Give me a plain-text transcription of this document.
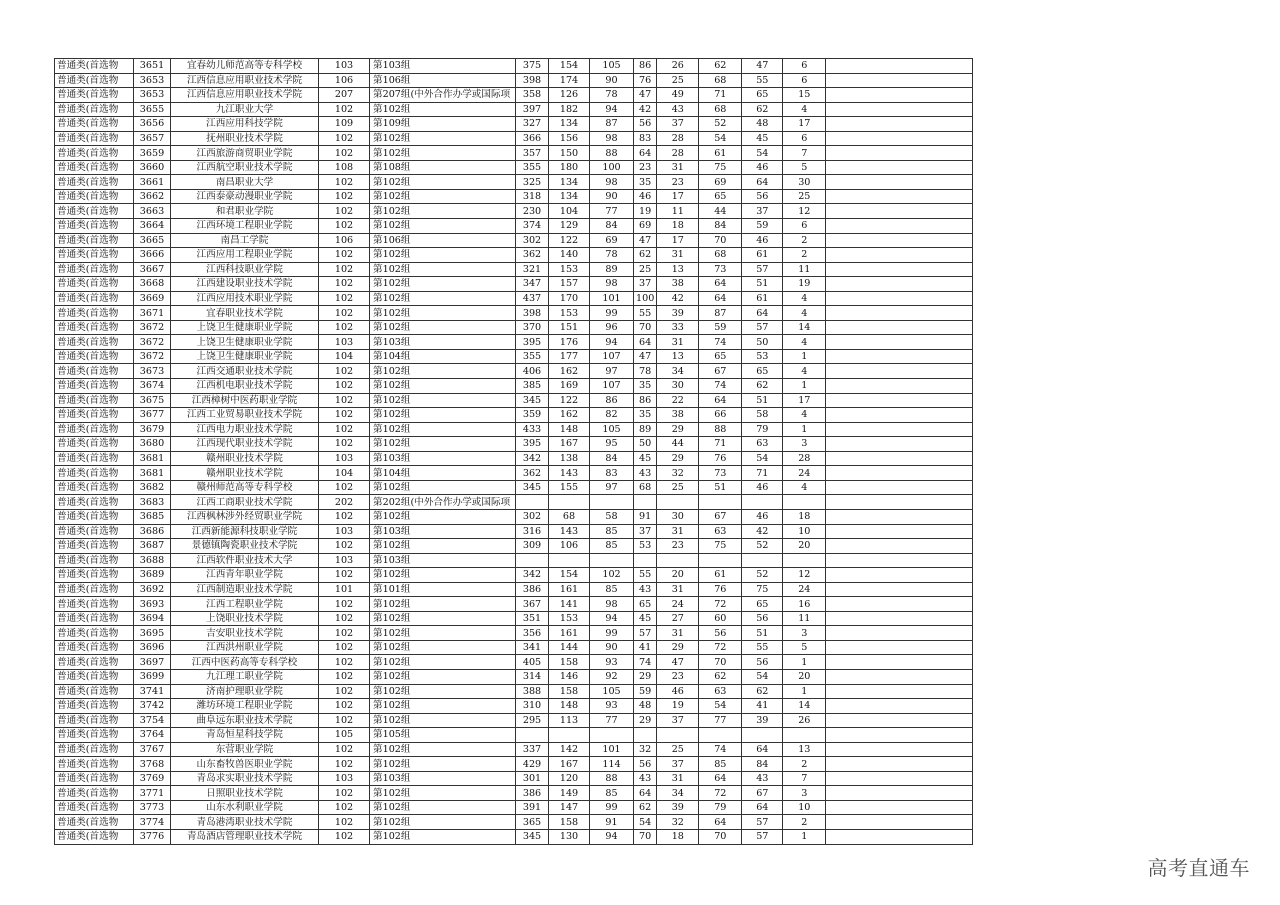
普通类(首选物	3651	宜春幼儿师范高等专科学校	103	第103组	375	154	105	86	26	62	47	6	
普通类(首选物	3653	江西信息应用职业技术学院	106	第106组	398	174	90	76	25	68	55	6	
普通类(首选物	3653	江西信息应用职业技术学院	207	第207组(中外合作办学或国际项	358	126	78	47	49	71	65	15	
普通类(首选物	3655	九江职业大学	102	第102组	397	182	94	42	43	68	62	4	
普通类(首选物	3656	江西应用科技学院	109	第109组	327	134	87	56	37	52	48	17	
普通类(首选物	3657	抚州职业技术学院	102	第102组	366	156	98	83	28	54	45	6	
普通类(首选物	3659	江西旅游商贸职业学院	102	第102组	357	150	88	64	28	61	54	7	
普通类(首选物	3660	江西航空职业技术学院	108	第108组	355	180	100	23	31	75	46	5	
普通类(首选物	3661	南昌职业大学	102	第102组	325	134	98	35	23	69	64	30	
普通类(首选物	3662	江西泰豪动漫职业学院	102	第102组	318	134	90	46	17	65	56	25	
普通类(首选物	3663	和君职业学院	102	第102组	230	104	77	19	11	44	37	12	
普通类(首选物	3664	江西环境工程职业学院	102	第102组	374	129	84	69	18	84	59	6	
普通类(首选物	3665	南昌工学院	106	第106组	302	122	69	47	17	70	46	2	
普通类(首选物	3666	江西应用工程职业学院	102	第102组	362	140	78	62	31	68	61	2	
普通类(首选物	3667	江西科技职业学院	102	第102组	321	153	89	25	13	73	57	11	
普通类(首选物	3668	江西建设职业技术学院	102	第102组	347	157	98	37	38	64	51	19	
普通类(首选物	3669	江西应用技术职业学院	102	第102组	437	170	101	100	42	64	61	4	
普通类(首选物	3671	宜春职业技术学院	102	第102组	398	153	99	55	39	87	64	4	
普通类(首选物	3672	上饶卫生健康职业学院	102	第102组	370	151	96	70	33	59	57	14	
普通类(首选物	3672	上饶卫生健康职业学院	103	第103组	395	176	94	64	31	74	50	4	
普通类(首选物	3672	上饶卫生健康职业学院	104	第104组	355	177	107	47	13	65	53	1	
普通类(首选物	3673	江西交通职业技术学院	102	第102组	406	162	97	78	34	67	65	4	
普通类(首选物	3674	江西机电职业技术学院	102	第102组	385	169	107	35	30	74	62	1	
普通类(首选物	3675	江西樟树中医药职业学院	102	第102组	345	122	86	86	22	64	51	17	
普通类(首选物	3677	江西工业贸易职业技术学院	102	第102组	359	162	82	35	38	66	58	4	
普通类(首选物	3679	江西电力职业技术学院	102	第102组	433	148	105	89	29	88	79	1	
普通类(首选物	3680	江西现代职业技术学院	102	第102组	395	167	95	50	44	71	63	3	
普通类(首选物	3681	赣州职业技术学院	103	第103组	342	138	84	45	29	76	54	28	
普通类(首选物	3681	赣州职业技术学院	104	第104组	362	143	83	43	32	73	71	24	
普通类(首选物	3682	赣州师范高等专科学校	102	第102组	345	155	97	68	25	51	46	4	
普通类(首选物	3683	江西工商职业技术学院	202	第202组(中外合作办学或国际项									
普通类(首选物	3685	江西枫林涉外经贸职业学院	102	第102组	302	68	58	91	30	67	46	18	
普通类(首选物	3686	江西新能源科技职业学院	103	第103组	316	143	85	37	31	63	42	10	
普通类(首选物	3687	景德镇陶瓷职业技术学院	102	第102组	309	106	85	53	23	75	52	20	
普通类(首选物	3688	江西软件职业技术大学	103	第103组									
普通类(首选物	3689	江西青年职业学院	102	第102组	342	154	102	55	20	61	52	12	
普通类(首选物	3692	江西制造职业技术学院	101	第101组	386	161	85	43	31	76	75	24	
普通类(首选物	3693	江西工程职业学院	102	第102组	367	141	98	65	24	72	65	16	
普通类(首选物	3694	上饶职业技术学院	102	第102组	351	153	94	45	27	60	56	11	
普通类(首选物	3695	吉安职业技术学院	102	第102组	356	161	99	57	31	56	51	3	
普通类(首选物	3696	江西洪州职业学院	102	第102组	341	144	90	41	29	72	55	5	
普通类(首选物	3697	江西中医药高等专科学校	102	第102组	405	158	93	74	47	70	56	1	
普通类(首选物	3699	九江理工职业学院	102	第102组	314	146	92	29	23	62	54	20	
普通类(首选物	3741	济南护理职业学院	102	第102组	388	158	105	59	46	63	62	1	
普通类(首选物	3742	潍坊环境工程职业学院	102	第102组	310	148	93	48	19	54	41	14	
普通类(首选物	3754	曲阜远东职业技术学院	102	第102组	295	113	77	29	37	77	39	26	
普通类(首选物	3764	青岛恒星科技学院	105	第105组									
普通类(首选物	3767	东营职业学院	102	第102组	337	142	101	32	25	74	64	13	
普通类(首选物	3768	山东畜牧兽医职业学院	102	第102组	429	167	114	56	37	85	84	2	
普通类(首选物	3769	青岛求实职业技术学院	103	第103组	301	120	88	43	31	64	43	7	
普通类(首选物	3771	日照职业技术学院	102	第102组	386	149	85	64	34	72	67	3	
普通类(首选物	3773	山东水利职业学院	102	第102组	391	147	99	62	39	79	64	10	
普通类(首选物	3774	青岛港湾职业技术学院	102	第102组	365	158	91	54	32	64	57	2	
普通类(首选物	3776	青岛酒店管理职业技术学院	102	第102组	345	130	94	70	18	70	57	1	
高考直通车
